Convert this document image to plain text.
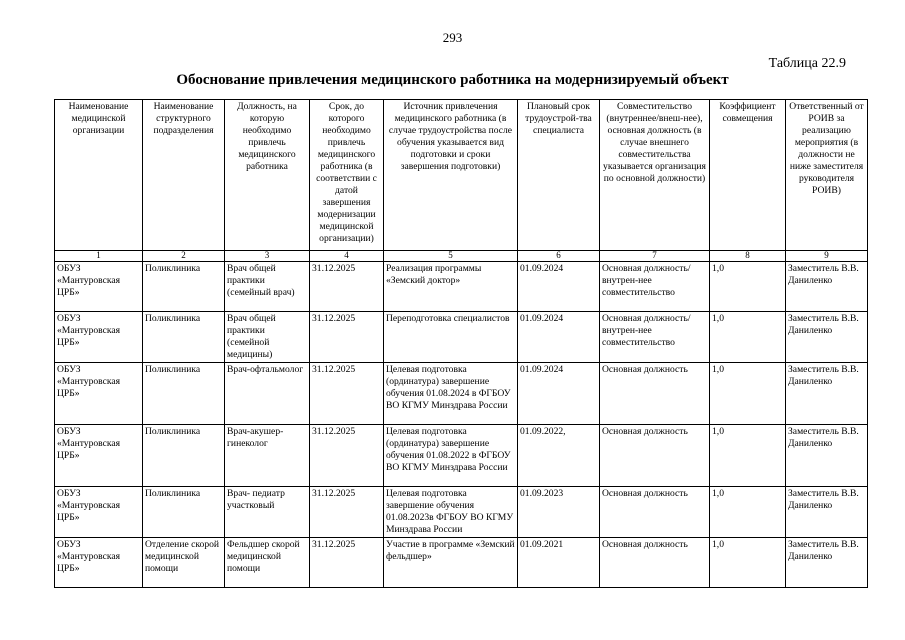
293
Таблица 22.9
Обоснование привлечения медицинского работника на модернизируемый объект
Наименование медицинской организации	Наименование структурного подразделения	Должность, на которую необходимо привлечь медицинского работника	Срок, до которого необходимо привлечь медицинского работника (в соответствии с датой завершения модернизации медицинской организации)	Источник привлечения медицинского работника (в случае трудоустройства после обучения указывается вид подготовки и сроки завершения подготовки)	Плановый срок трудоустрой-тва специалиста	Совместительство (внутреннее/внеш-нее), основная должность (в случае внешнего совместительства указывается организация по основной должности)	Коэффициент совмещения	Ответственный от РОИВ за реализацию мероприятия (в должности не ниже заместителя руководителя РОИВ)
1	2	3	4	5	6	7	8	9
ОБУЗ «Мантуровская ЦРБ»	Поликлиника	Врач общей практики (семейный врач)	31.12.2025	Реализация программы «Земский доктор»	01.09.2024	Основная должность/внутрен-нее совместительство	1,0	Заместитель В.В. Даниленко
ОБУЗ «Мантуровская ЦРБ»	Поликлиника	Врач общей практики (семейной медицины)	31.12.2025	Переподготовка специалистов	01.09.2024	Основная должность/внутрен-нее совместительство	1,0	Заместитель В.В. Даниленко
ОБУЗ «Мантуровская ЦРБ»	Поликлиника	Врач-офтальмолог	31.12.2025	Целевая подготовка (ординатура) завершение обучения 01.08.2024 в ФГБОУ ВО КГМУ Минздрава России	01.09.2024	Основная должность	1,0	Заместитель В.В. Даниленко
ОБУЗ «Мантуровская ЦРБ»	Поликлиника	Врач-акушер-гинеколог	31.12.2025	Целевая подготовка (ординатура) завершение обучения 01.08.2022 в ФГБОУ ВО КГМУ Минздрава России	01.09.2022,	Основная должность	1,0	Заместитель В.В. Даниленко
ОБУЗ «Мантуровская ЦРБ»	Поликлиника	Врач- педиатр участковый	31.12.2025	Целевая подготовка завершение обучения 01.08.2023в ФГБОУ ВО КГМУ Минздрава России	01.09.2023	Основная должность	1,0	Заместитель В.В. Даниленко
ОБУЗ «Мантуровская ЦРБ»	Отделение скорой медицинской помощи	Фельдшер скорой медицинской помощи	31.12.2025	Участие в программе «Земский фельдшер»	01.09.2021	Основная должность	1,0	Заместитель В.В. Даниленко
